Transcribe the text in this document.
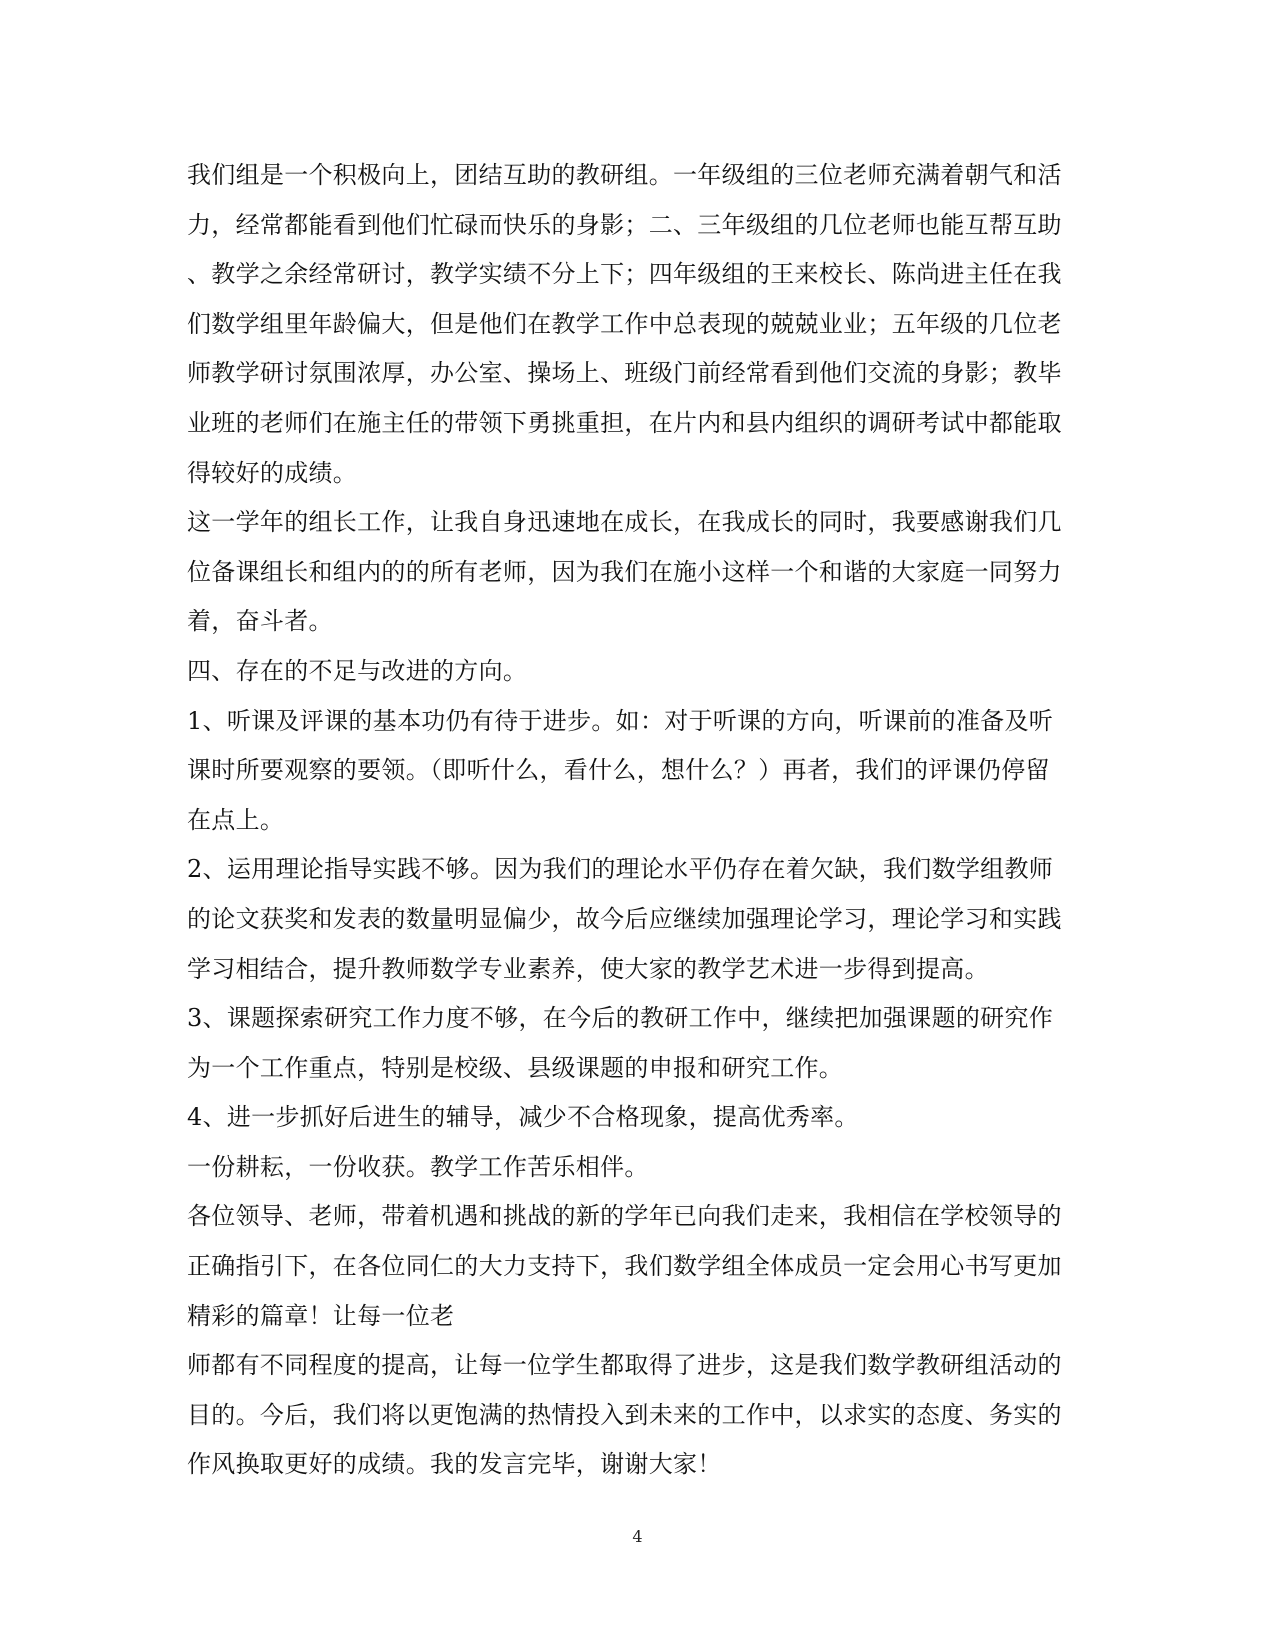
我们组是一个积极向上，团结互助的教研组。一年级组的三位老师充满着朝气和活
力，经常都能看到他们忙碌而快乐的身影；二、三年级组的几位老师也能互帮互助
、教学之余经常研讨，教学实绩不分上下；四年级组的王来校长、陈尚进主任在我
们数学组里年龄偏大，但是他们在教学工作中总表现的兢兢业业；五年级的几位老
师教学研讨氛围浓厚，办公室、操场上、班级门前经常看到他们交流的身影；教毕
业班的老师们在施主任的带领下勇挑重担，在片内和县内组织的调研考试中都能取
得较好的成绩。
这一学年的组长工作，让我自身迅速地在成长，在我成长的同时，我要感谢我们几
位备课组长和组内的的所有老师，因为我们在施小这样一个和谐的大家庭一同努力
着，奋斗者。
四、存在的不足与改进的方向。
1、听课及评课的基本功仍有待于进步。如：对于听课的方向，听课前的准备及听
课时所要观察的要领。（即听什么，看什么，想什么？）再者，我们的评课仍停留
在点上。
2、运用理论指导实践不够。因为我们的理论水平仍存在着欠缺，我们数学组教师
的论文获奖和发表的数量明显偏少，故今后应继续加强理论学习，理论学习和实践
学习相结合，提升教师数学专业素养，使大家的教学艺术进一步得到提高。
3、课题探索研究工作力度不够，在今后的教研工作中，继续把加强课题的研究作
为一个工作重点，特别是校级、县级课题的申报和研究工作。
4、进一步抓好后进生的辅导，减少不合格现象，提高优秀率。
一份耕耘，一份收获。教学工作苦乐相伴。
各位领导、老师，带着机遇和挑战的新的学年已向我们走来，我相信在学校领导的
正确指引下，在各位同仁的大力支持下，我们数学组全体成员一定会用心书写更加
精彩的篇章！让每一位老
师都有不同程度的提高，让每一位学生都取得了进步，这是我们数学教研组活动的
目的。今后，我们将以更饱满的热情投入到未来的工作中，以求实的态度、务实的
作风换取更好的成绩。我的发言完毕，谢谢大家！
4
